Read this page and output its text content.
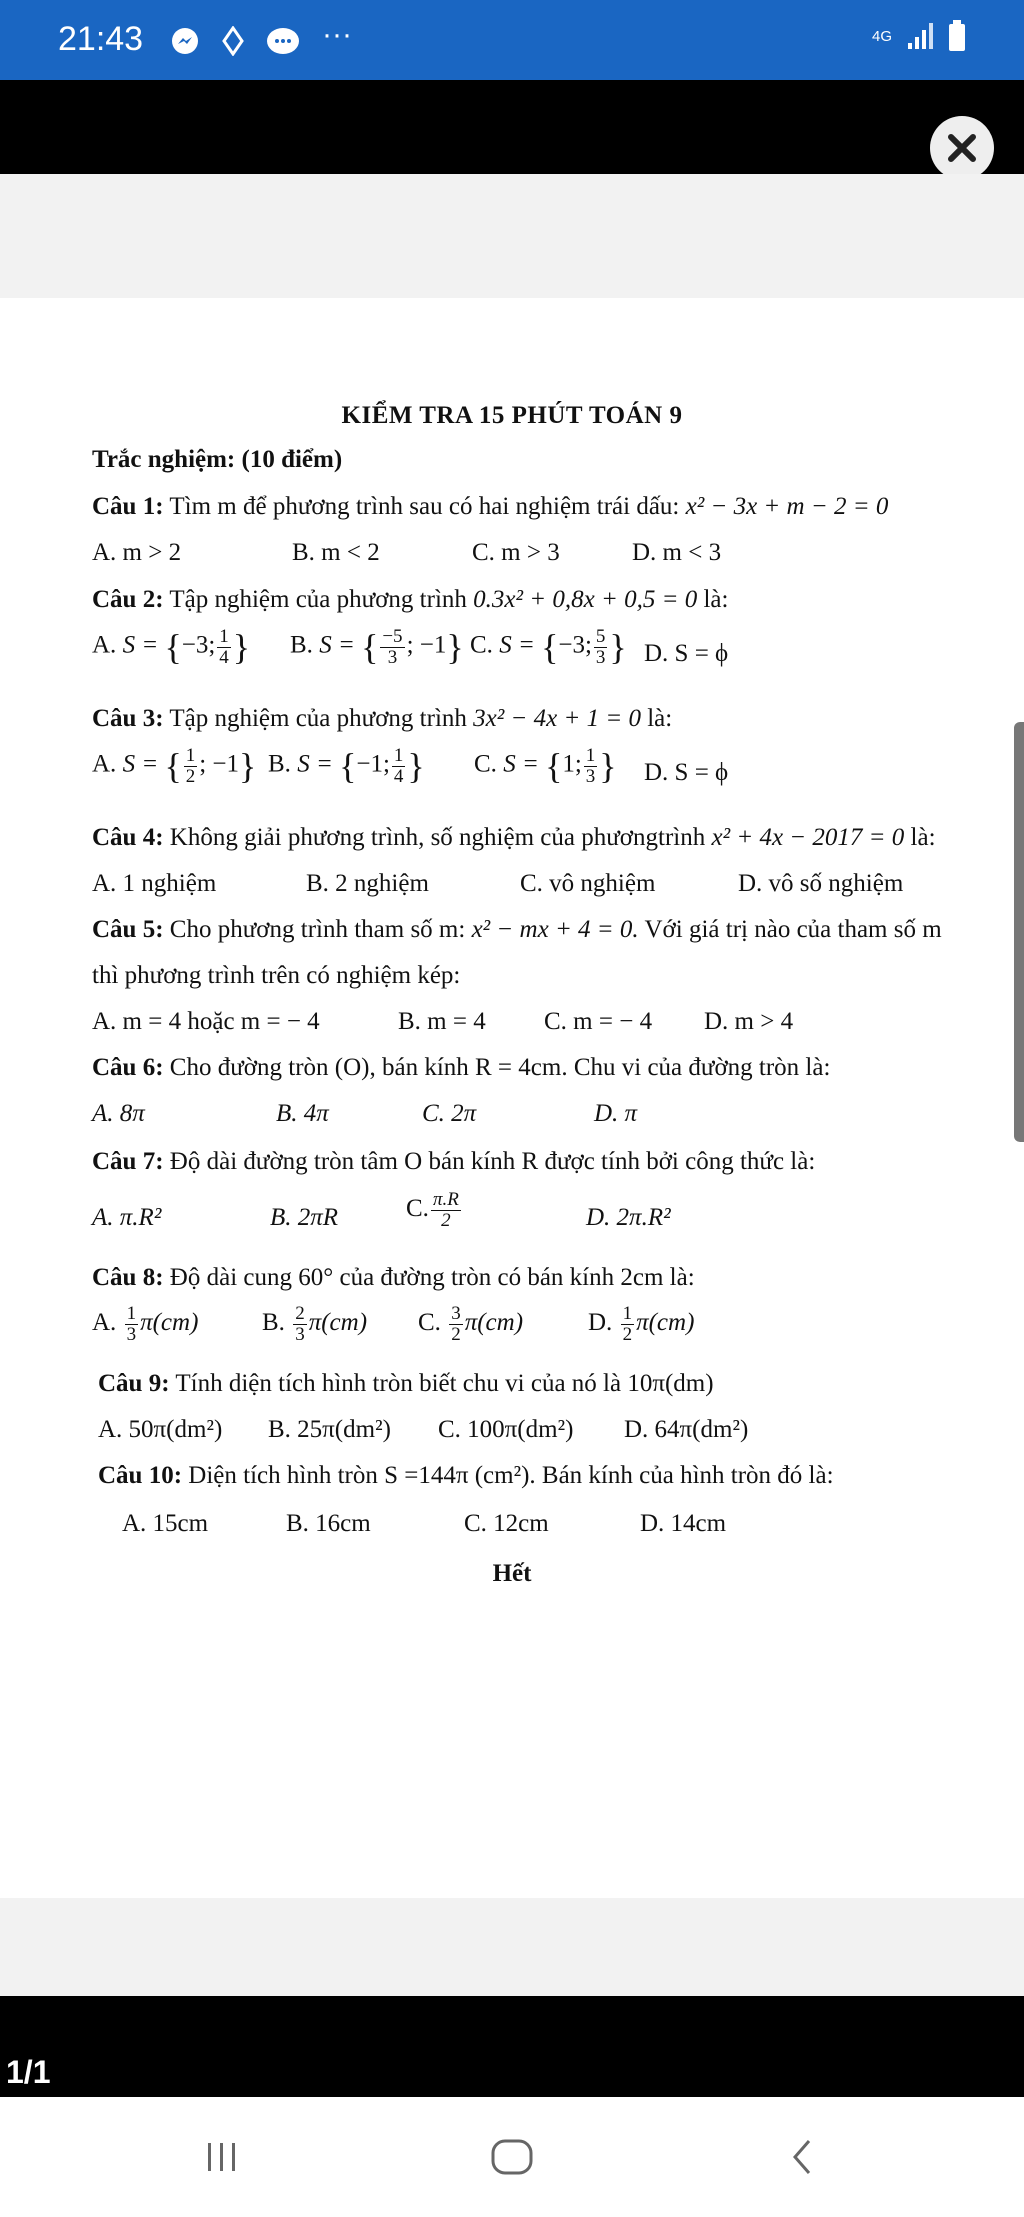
21:43	···	4G
KIỂM TRA 15 PHÚT TOÁN 9
Trắc nghiệm: (10 điểm)
Câu 1: Tìm m để phương trình sau có hai nghiệm trái dấu: x² − 3x + m − 2 = 0
A. m > 2	B. m < 2	C. m > 3	D. m < 3
Câu 2: Tập nghiệm của phương trình 0.3x² + 0,8x + 0,5 = 0 là:
A. S = {−3; $\frac{1}{4}$ } B. S = { $\frac{-5}{3}$ ; −1} C. S = {−3; $\frac{5}{3}$ } D. S = ϕ
Câu 3: Tập nghiệm của phương trình 3x² − 4x + 1 = 0 là:
A. S = { $\frac{1}{2}$ ; −1} B. S = {−1; $\frac{1}{4}$ } C. S = {1; $\frac{1}{3}$ } D. S = ϕ
Câu 4: Không giải phương trình, số nghiệm của phươngtrình x² + 4x − 2017 = 0 là:
A. 1 nghiệm	B. 2 nghiệm	C. vô nghiệm	D. vô số nghiệm
Câu 5: Cho phương trình tham số m: x² − mx + 4 = 0. Với giá trị nào của tham số m
thì phương trình trên có nghiệm kép:
A. m = 4 hoặc m = − 4	B. m = 4 C. m = − 4 D. m > 4
Câu 6: Cho đường tròn (O), bán kính R = 4cm. Chu vi của đường tròn là:
A. 8π	B. 4π	C. 2π	D. π
Câu 7: Độ dài đường tròn tâm O bán kính R được tính bởi công thức là:
A. π.R²	B. 2πR	C. $\frac{\pi.R}{2}$	D. 2π.R²
Câu 8: Độ dài cung 60° của đường tròn có bán kính 2cm là:
A. $\frac{1}{3} \pi(cm)$	B. $\frac{2}{3} \pi(cm)$ C. $\frac{3}{2} \pi(cm)$	D. $\frac{1}{2} \pi(cm)$
Câu 9: Tính diện tích hình tròn biết chu vi của nó là 10π(dm)
A. 50π(dm²) B. 25π(dm²) C. 100π(dm²) D. 64π(dm²)
Câu 10: Diện tích hình tròn S =144π (cm²). Bán kính của hình tròn đó là:
A. 15cm	B. 16cm	C. 12cm	D. 14cm
Hết
1/1
